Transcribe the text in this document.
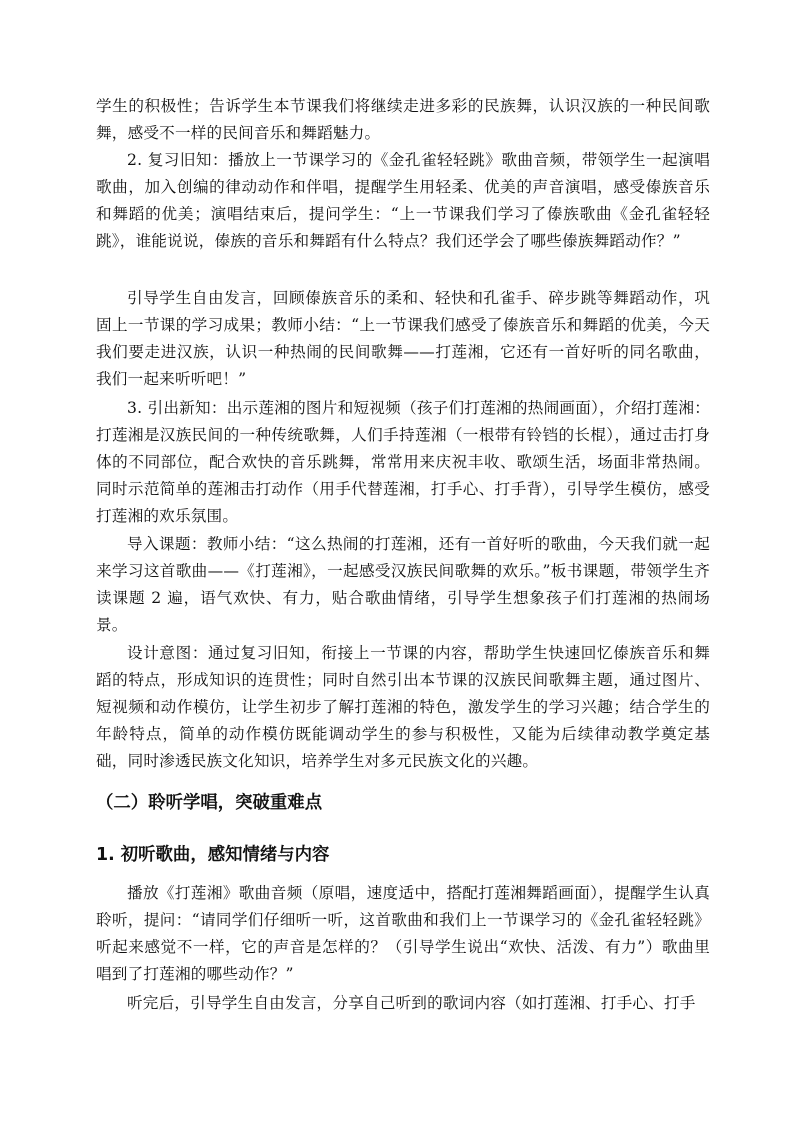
学生的积极性；告诉学生本节课我们将继续走进多彩的民族舞，认识汉族的一种民间歌舞，感受不一样的民间音乐和舞蹈魅力。

2. 复习旧知：播放上一节课学习的《金孔雀轻轻跳》歌曲音频，带领学生一起演唱歌曲，加入创编的律动动作和伴唱，提醒学生用轻柔、优美的声音演唱，感受傣族音乐和舞蹈的优美；演唱结束后，提问学生：“上一节课我们学习了傣族歌曲《金孔雀轻轻跳》，谁能说说，傣族的音乐和舞蹈有什么特点？我们还学会了哪些傣族舞蹈动作？”

引导学生自由发言，回顾傣族音乐的柔和、轻快和孔雀手、碎步跳等舞蹈动作，巩固上一节课的学习成果；教师小结：“上一节课我们感受了傣族音乐和舞蹈的优美，今天我们要走进汉族，认识一种热闹的民间歌舞——打莲湘，它还有一首好听的同名歌曲，我们一起来听听吧！”

3. 引出新知：出示莲湘的图片和短视频（孩子们打莲湘的热闹画面），介绍打莲湘：打莲湘是汉族民间的一种传统歌舞，人们手持莲湘（一根带有铃铛的长棍），通过击打身体的不同部位，配合欢快的音乐跳舞，常常用来庆祝丰收、歌颂生活，场面非常热闹。同时示范简单的莲湘击打动作（用手代替莲湘，打手心、打手背），引导学生模仿，感受打莲湘的欢乐氛围。

导入课题：教师小结：“这么热闹的打莲湘，还有一首好听的歌曲，今天我们就一起来学习这首歌曲——《打莲湘》，一起感受汉族民间歌舞的欢乐。”板书课题，带领学生齐读课题 2 遍，语气欢快、有力，贴合歌曲情绪，引导学生想象孩子们打莲湘的热闹场景。

设计意图：通过复习旧知，衔接上一节课的内容，帮助学生快速回忆傣族音乐和舞蹈的特点，形成知识的连贯性；同时自然引出本节课的汉族民间歌舞主题，通过图片、短视频和动作模仿，让学生初步了解打莲湘的特色，激发学生的学习兴趣；结合学生的年龄特点，简单的动作模仿既能调动学生的参与积极性，又能为后续律动教学奠定基础，同时渗透民族文化知识，培养学生对多元民族文化的兴趣。

（二）聆听学唱，突破重难点
1. 初听歌曲，感知情绪与内容

播放《打莲湘》歌曲音频（原唱，速度适中，搭配打莲湘舞蹈画面），提醒学生认真聆听，提问：“请同学们仔细听一听，这首歌曲和我们上一节课学习的《金孔雀轻轻跳》听起来感觉不一样，它的声音是怎样的？（引导学生说出“欢快、活泼、有力”）歌曲里唱到了打莲湘的哪些动作？”

听完后，引导学生自由发言，分享自己听到的歌词内容（如打莲湘、打手心、打手
